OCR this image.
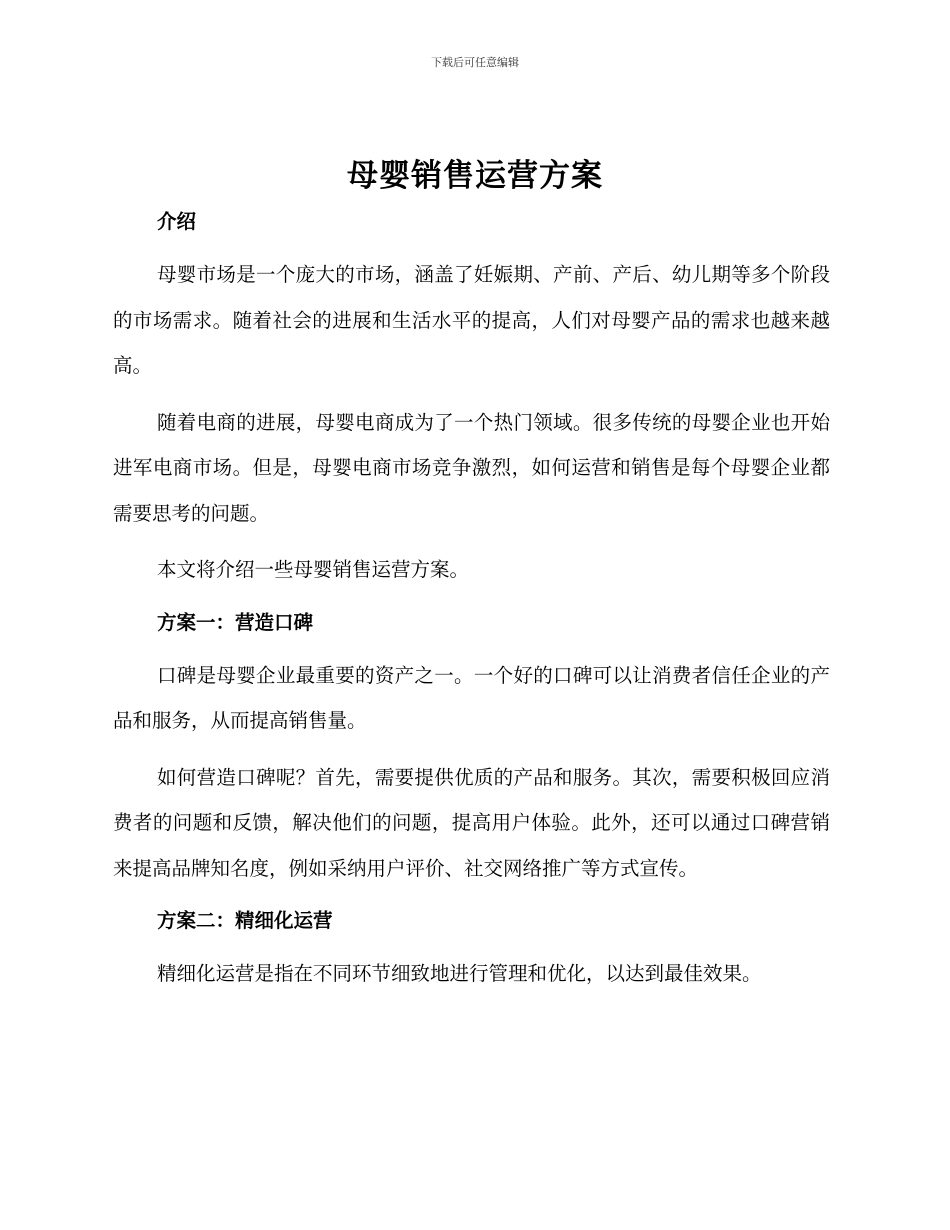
下载后可任意编辑
母婴销售运营方案

介绍

母婴市场是一个庞大的市场，涵盖了妊娠期、产前、产后、幼儿期等多个阶段的市场需求。随着社会的进展和生活水平的提高，人们对母婴产品的需求也越来越高。

随着电商的进展，母婴电商成为了一个热门领域。很多传统的母婴企业也开始进军电商市场。但是，母婴电商市场竞争激烈，如何运营和销售是每个母婴企业都需要思考的问题。

本文将介绍一些母婴销售运营方案。

方案一：营造口碑

口碑是母婴企业最重要的资产之一。一个好的口碑可以让消费者信任企业的产品和服务，从而提高销售量。

如何营造口碑呢？首先，需要提供优质的产品和服务。其次，需要积极回应消费者的问题和反馈，解决他们的问题，提高用户体验。此外，还可以通过口碑营销来提高品牌知名度，例如采纳用户评价、社交网络推广等方式宣传。

方案二：精细化运营

精细化运营是指在不同环节细致地进行管理和优化，以达到最佳效果。
